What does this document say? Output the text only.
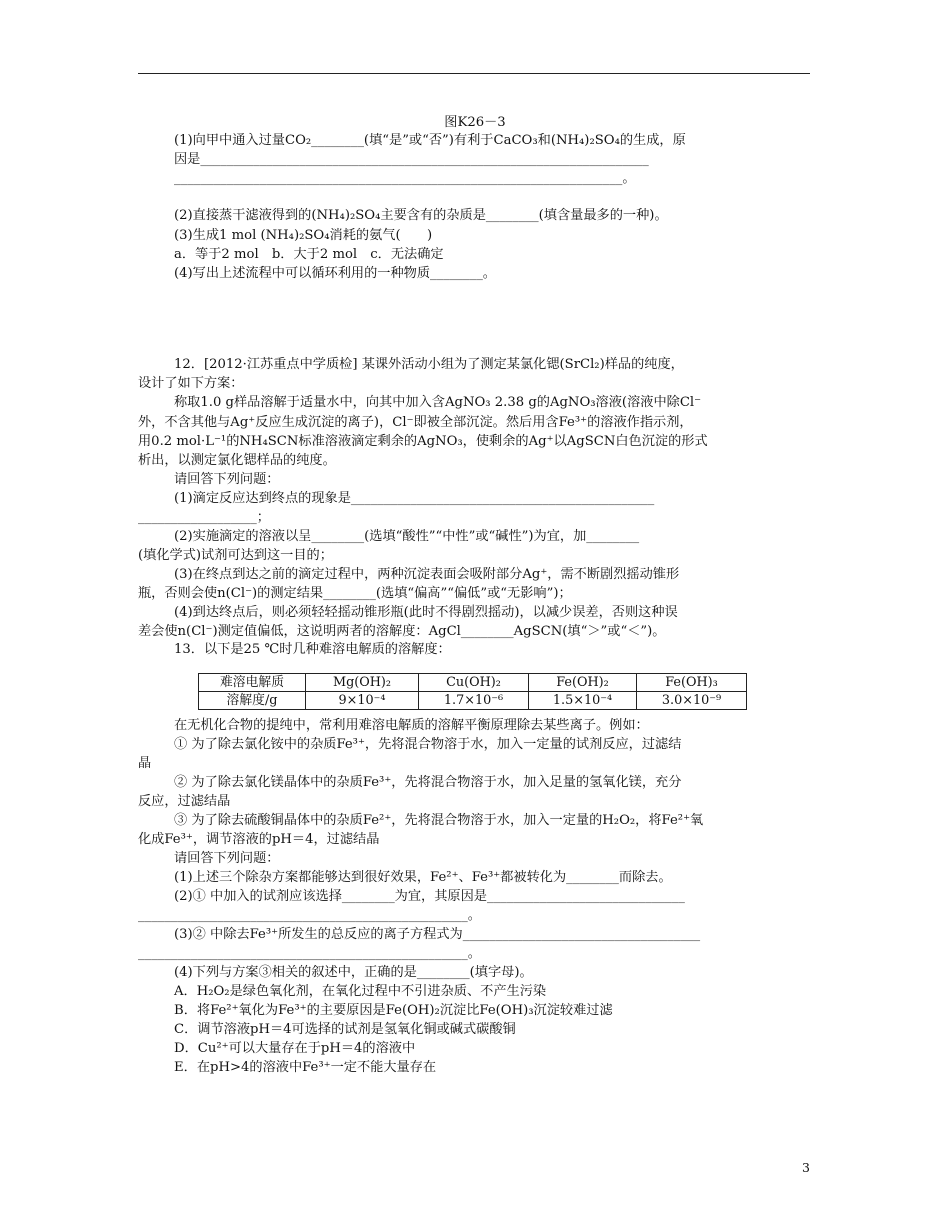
图K26－3
(1)向甲中通入过量CO₂________(填“是”或“否”)有利于CaCO₃和(NH₄)₂SO₄的生成，原
因是____________________________________________________________________
____________________________________________________________________。
(2)直接蒸干滤液得到的(NH₄)₂SO₄主要含有的杂质是________(填含量最多的一种)。
(3)生成1 mol (NH₄)₂SO₄消耗的氨气(　　)
a．等于2 mol　b．大于2 mol　c．无法确定
(4)写出上述流程中可以循环利用的一种物质________。
12．[2012·江苏重点中学质检] 某课外活动小组为了测定某氯化锶(SrCl₂)样品的纯度，
设计了如下方案：
称取1.0 g样品溶解于适量水中，向其中加入含AgNO₃ 2.38 g的AgNO₃溶液(溶液中除Cl⁻
外，不含其他与Ag⁺反应生成沉淀的离子)，Cl⁻即被全部沉淀。然后用含Fe³⁺的溶液作指示剂，
用0.2 mol·L⁻¹的NH₄SCN标准溶液滴定剩余的AgNO₃，使剩余的Ag⁺以AgSCN白色沉淀的形式
析出，以测定氯化锶样品的纯度。
请回答下列问题：
(1)滴定反应达到终点的现象是______________________________________________
__________________；
(2)实施滴定的溶液以呈________(选填“酸性”“中性”或“碱性”)为宜，加________
(填化学式)试剂可达到这一目的；
(3)在终点到达之前的滴定过程中，两种沉淀表面会吸附部分Ag⁺，需不断剧烈摇动锥形
瓶，否则会使n(Cl⁻)的测定结果________(选填“偏高”“偏低”或“无影响”)；
(4)到达终点后，则必须轻轻摇动锥形瓶(此时不得剧烈摇动)，以减少误差，否则这种误
差会使n(Cl⁻)测定值偏低，这说明两者的溶解度：AgCl________AgSCN(填“＞”或“＜”)。
13．以下是25 ℃时几种难溶电解质的溶解度：
在无机化合物的提纯中，常利用难溶电解质的溶解平衡原理除去某些离子。例如：
① 为了除去氯化铵中的杂质Fe³⁺，先将混合物溶于水，加入一定量的试剂反应，过滤结
晶
② 为了除去氯化镁晶体中的杂质Fe³⁺，先将混合物溶于水，加入足量的氢氧化镁，充分
反应，过滤结晶
③ 为了除去硫酸铜晶体中的杂质Fe²⁺，先将混合物溶于水，加入一定量的H₂O₂，将Fe²⁺氧
化成Fe³⁺，调节溶液的pH＝4，过滤结晶
请回答下列问题：
(1)上述三个除杂方案都能够达到很好效果，Fe²⁺、Fe³⁺都被转化为________而除去。
(2)① 中加入的试剂应该选择________为宜，其原因是______________________________
__________________________________________________。
(3)② 中除去Fe³⁺所发生的总反应的离子方程式为____________________________________
__________________________________________________。
(4)下列与方案③相关的叙述中，正确的是________(填字母)。
A．H₂O₂是绿色氧化剂，在氧化过程中不引进杂质、不产生污染
B．将Fe²⁺氧化为Fe³⁺的主要原因是Fe(OH)₂沉淀比Fe(OH)₃沉淀较难过滤
C．调节溶液pH＝4可选择的试剂是氢氧化铜或碱式碳酸铜
D．Cu²⁺可以大量存在于pH＝4的溶液中
E．在pH>4的溶液中Fe³⁺一定不能大量存在
难溶电解质	Mg(OH)₂	Cu(OH)₂	Fe(OH)₂	Fe(OH)₃
溶解度/g	9×10⁻⁴	1.7×10⁻⁶	1.5×10⁻⁴	3.0×10⁻⁹
3
